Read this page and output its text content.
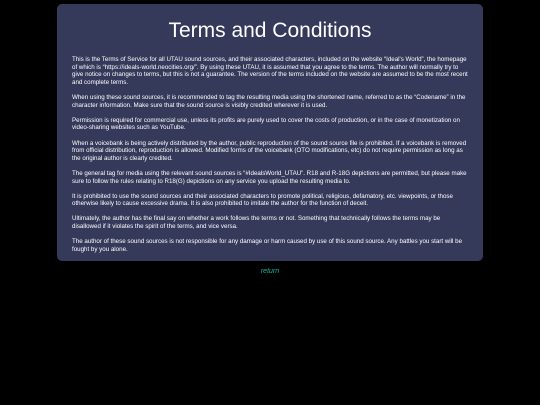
Terms and Conditions

This is the Terms of Service for all UTAU sound sources, and their associated characters, included on the website “Ideal's World”, the homepage of which is “https://ideals-world.neocities.org/”. By using these UTAU, it is assumed that you agree to the terms. The author will normally try to give notice on changes to terms, but this is not a guarantee. The version of the terms included on the website are assumed to be the most recent and complete terms.

When using these sound sources, it is recommended to tag the resulting media using the shortened name, referred to as the “Codename” in the character information. Make sure that the sound source is visibly credited wherever it is used.

Permission is required for commercial use, unless its profits are purely used to cover the costs of production, or in the case of monetization on video-sharing websites such as YouTube.

When a voicebank is being actively distributed by the author, public reproduction of the sound source file is prohibited. If a voicebank is removed from official distribution, reproduction is allowed. Modified forms of the voicebank (OTO modifications, etc) do not require permission as long as the original author is clearly credited.

The general tag for media using the relevant sound sources is “#IdealsWorld_UTAU”. R18 and R-18G depictions are permitted, but please make sure to follow the rules relating to R18(G) depictions on any service you upload the resulting media to.

It is prohibited to use the sound sources and their associated characters to promote political, religious, defamatory, etc. viewpoints, or those otherwise likely to cause excessive drama. It is also prohibited to imitate the author for the function of deceit.

Ultimately, the author has the final say on whether a work follows the terms or not. Something that technically follows the terms may be disallowed if it violates the spirit of the terms, and vice versa.

The author of these sound sources is not responsible for any damage or harm caused by use of this sound source. Any battles you start will be fought by you alone.

return
